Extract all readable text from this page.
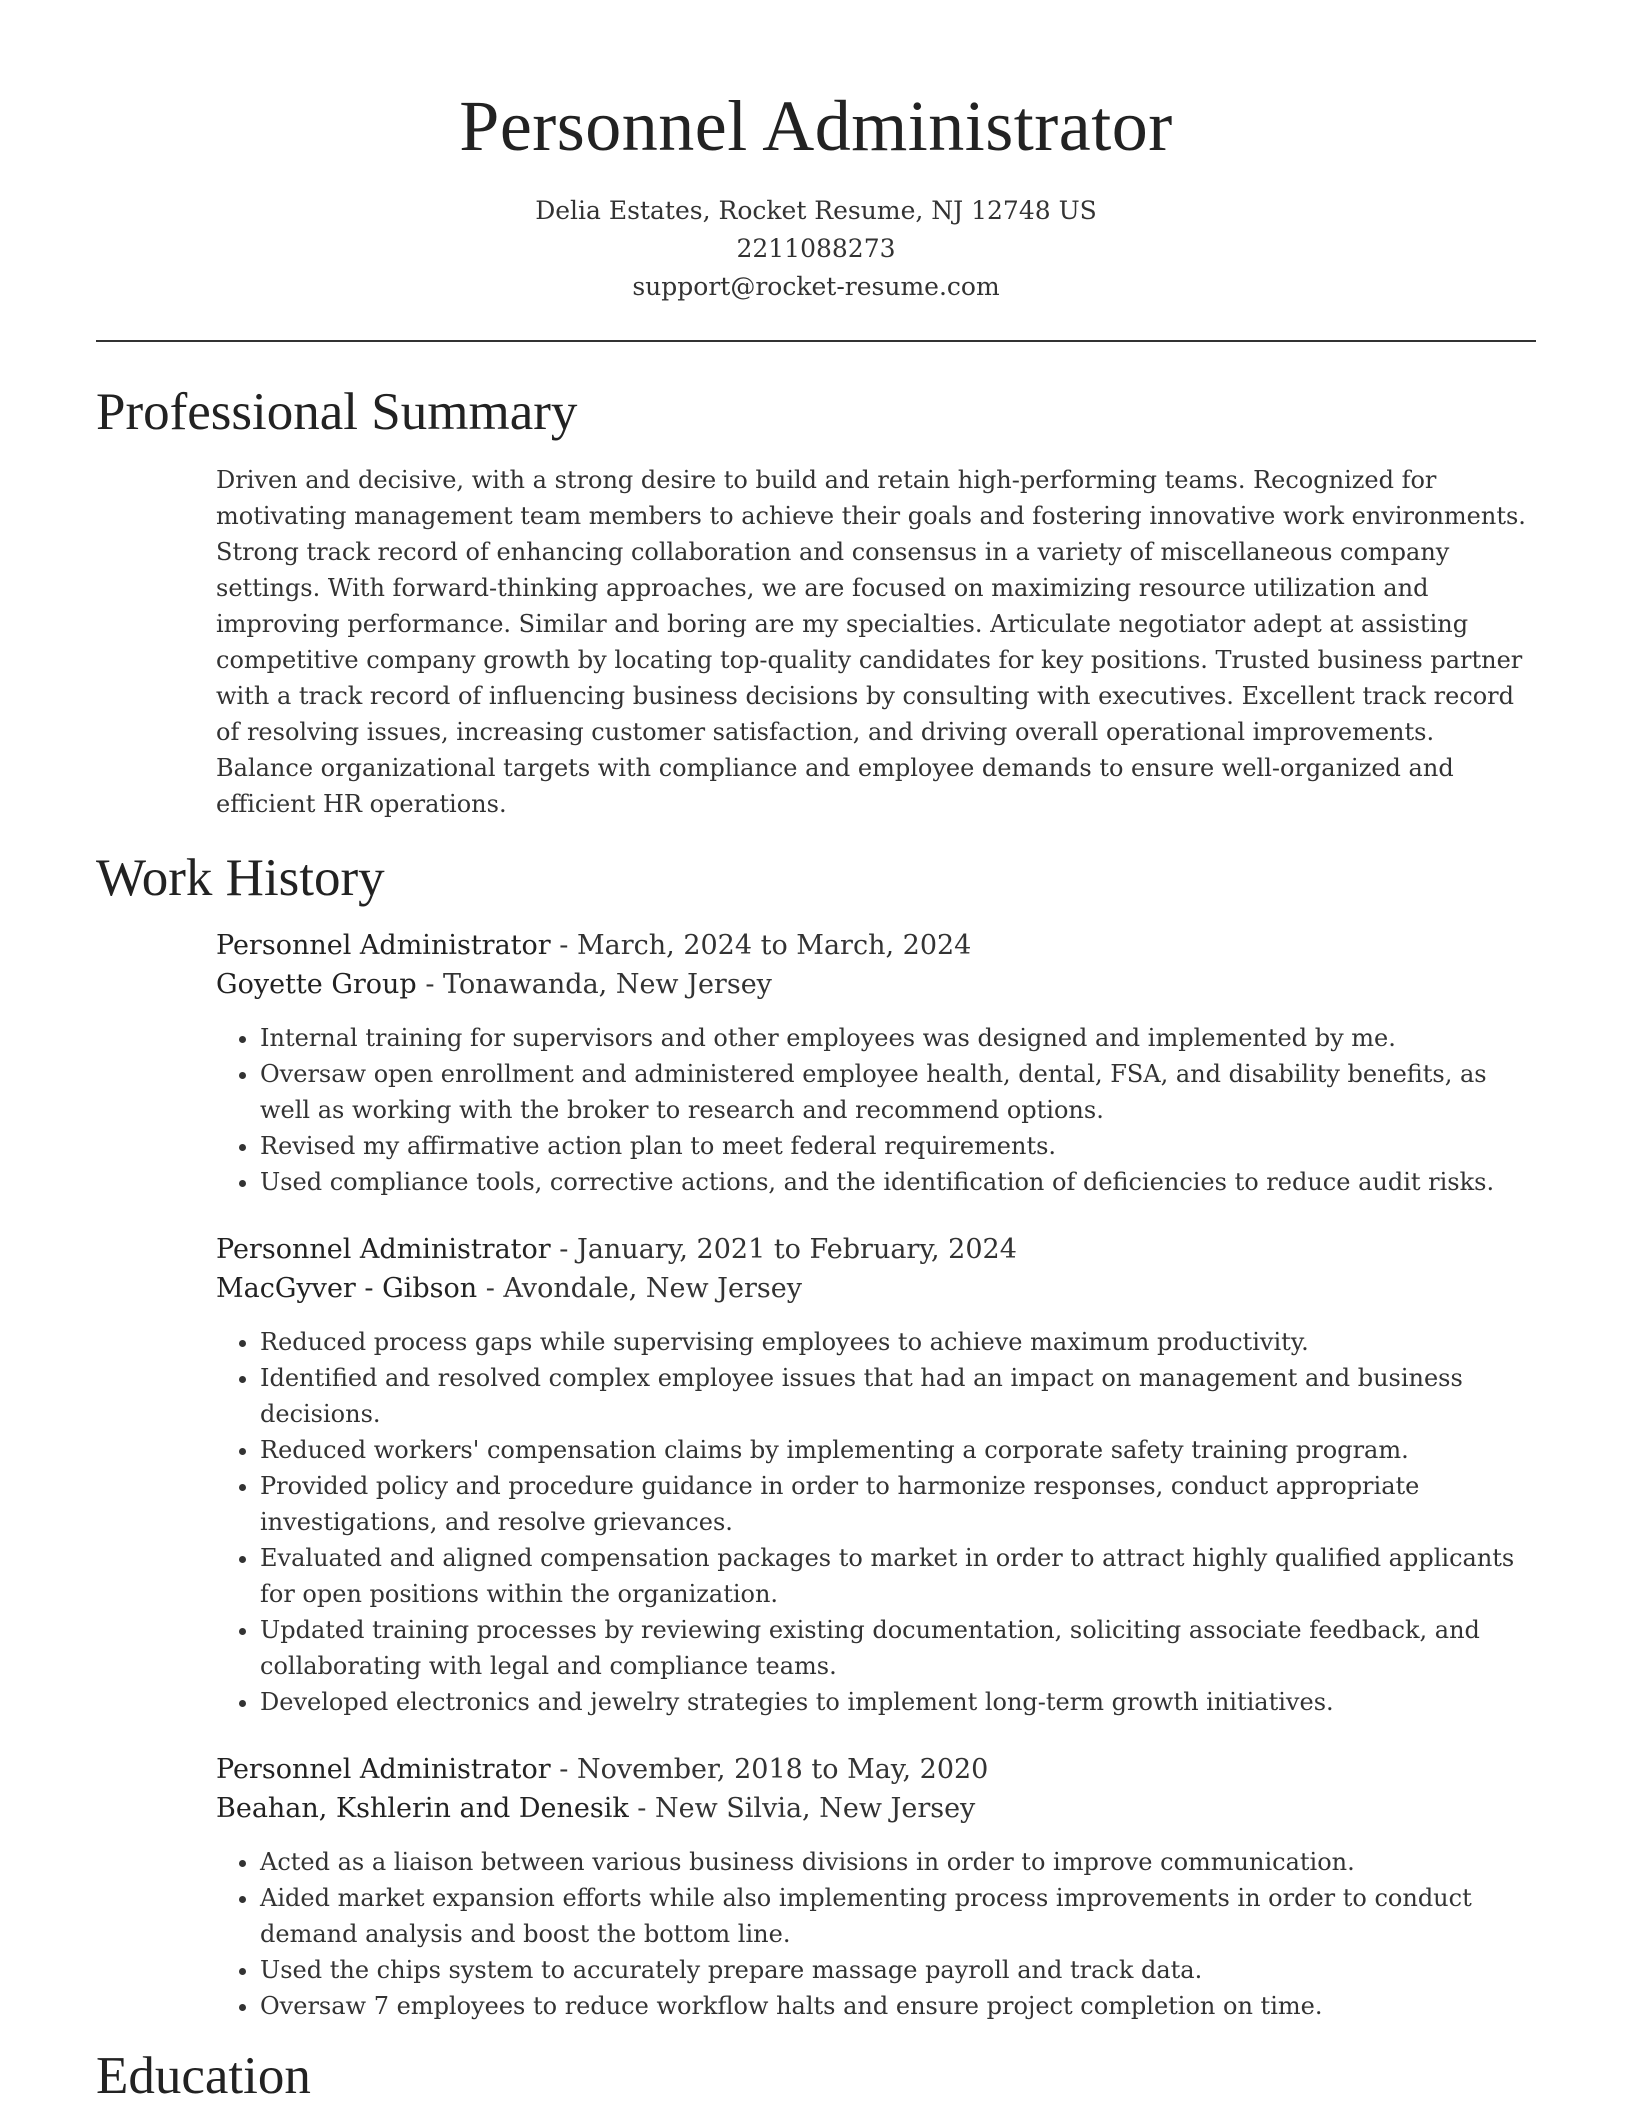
Personnel Administrator
Delia Estates, Rocket Resume, NJ 12748 US
2211088273
support@rocket-resume.com
Professional Summary

Driven and decisive, with a strong desire to build and retain high-performing teams. Recognized for motivating management team members to achieve their goals and fostering innovative work environments. Strong track record of enhancing collaboration and consensus in a variety of miscellaneous company settings. With forward-thinking approaches, we are focused on maximizing resource utilization and improving performance. Similar and boring are my specialties. Articulate negotiator adept at assisting competitive company growth by locating top-quality candidates for key positions. Trusted business partner with a track record of influencing business decisions by consulting with executives. Excellent track record of resolving issues, increasing customer satisfaction, and driving overall operational improvements. Balance organizational targets with compliance and employee demands to ensure well-organized and efficient HR operations.

Work History
Personnel Administrator - March, 2024 to March, 2024
Goyette Group - Tonawanda, New Jersey
• Internal training for supervisors and other employees was designed and implemented by me.
• Oversaw open enrollment and administered employee health, dental, FSA, and disability benefits, as well as working with the broker to research and recommend options.
• Revised my affirmative action plan to meet federal requirements.
• Used compliance tools, corrective actions, and the identification of deficiencies to reduce audit risks.
Personnel Administrator - January, 2021 to February, 2024
MacGyver - Gibson - Avondale, New Jersey
• Reduced process gaps while supervising employees to achieve maximum productivity.
• Identified and resolved complex employee issues that had an impact on management and business decisions.
• Reduced workers' compensation claims by implementing a corporate safety training program.
• Provided policy and procedure guidance in order to harmonize responses, conduct appropriate investigations, and resolve grievances.
• Evaluated and aligned compensation packages to market in order to attract highly qualified applicants for open positions within the organization.
• Updated training processes by reviewing existing documentation, soliciting associate feedback, and collaborating with legal and compliance teams.
• Developed electronics and jewelry strategies to implement long-term growth initiatives.
Personnel Administrator - November, 2018 to May, 2020
Beahan, Kshlerin and Denesik - New Silvia, New Jersey
• Acted as a liaison between various business divisions in order to improve communication.
• Aided market expansion efforts while also implementing process improvements in order to conduct demand analysis and boost the bottom line.
• Used the chips system to accurately prepare massage payroll and track data.
• Oversaw 7 employees to reduce workflow halts and ensure project completion on time.
Education
